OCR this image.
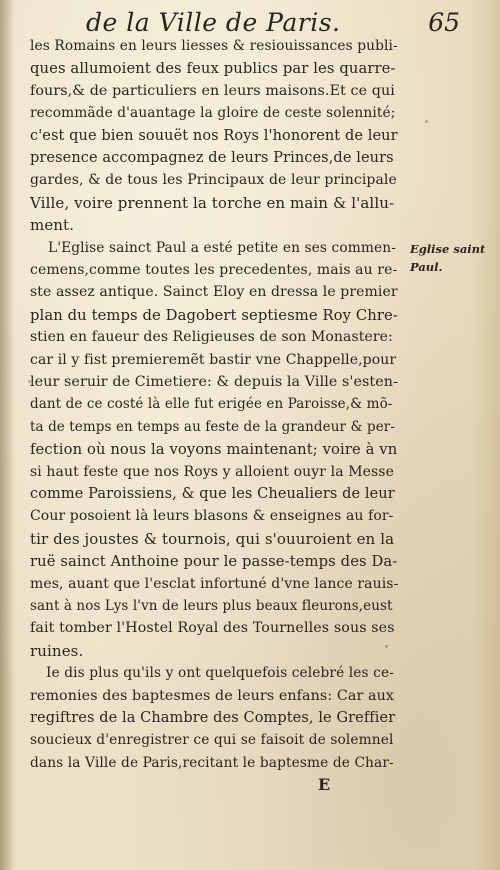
de la Ville de Paris.	65
les Romains en leurs liesses & resiouissances publi-
ques allumoient des feux publics par les quarre-
fours,& de particuliers en leurs maisons.Et ce qui
recommãde d'auantage la gloire de ceste solennité;
c'est que bien souuët nos Roys l'honorent de leur
presence accompagnez de leurs Princes,de leurs
gardes, & de tous les Principaux de leur principale
Ville, voire prennent la torche en main & l'allu-
ment.
L'Eglise sainct Paul a esté petite en ses commen-
cemens,comme toutes les precedentes, mais au re-
ste assez antique. Sainct Eloy en dressa le premier
plan du temps de Dagobert septiesme Roy Chre-
stien en faueur des Religieuses de son Monastere:
car il y fist premieremẽt bastir vne Chappelle,pour
leur seruir de Cimetiere: & depuis la Ville s'esten-
dant de ce costé là elle fut erigée en Paroisse,& mõ-
ta de temps en temps au feste de la grandeur & per-
fection où nous la voyons maintenant; voire à vn
si haut feste que nos Roys y alloient ouyr la Messe
comme Paroissiens, & que les Cheualiers de leur
Cour posoient là leurs blasons & enseignes au for-
tir des joustes & tournois, qui s'ouuroient en la
ruë sainct Anthoine pour le passe-temps des Da-
mes, auant que l'esclat infortuné d'vne lance rauis-
sant à nos Lys l'vn de leurs plus beaux fleurons,eust
fait tomber l'Hostel Royal des Tournelles sous ses
ruines.
Ie dis plus qu'ils y ont quelquefois celebré les ce-
remonies des baptesmes de leurs enfans: Car aux
regiftres de la Chambre des Comptes, le Greffier
soucieux d'enregistrer ce qui se faisoit de solemnel
dans la Ville de Paris,recitant le baptesme de Char-
Eglise saint
Paul.
E
